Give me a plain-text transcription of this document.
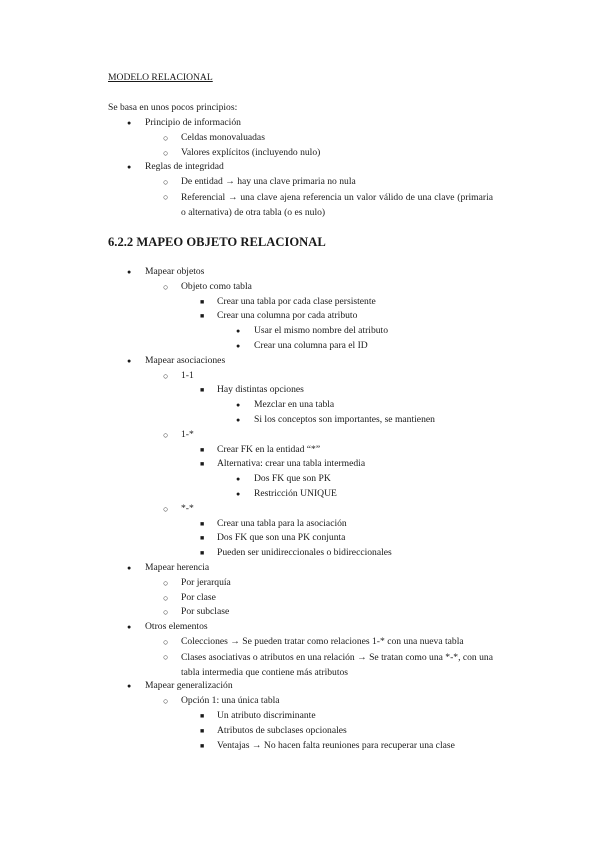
MODELO RELACIONAL
Se basa en unos pocos principios:
● Principio de información
○ Celdas monovaluadas
○ Valores explícitos (incluyendo nulo)
● Reglas de integridad
○ De entidad → hay una clave primaria no nula
○ Referencial → una clave ajena referencia un valor válido de una clave (primaria o alternativa) de otra tabla (o es nulo)
6.2.2 MAPEO OBJETO RELACIONAL
● Mapear objetos
○ Objeto como tabla
■ Crear una tabla por cada clase persistente
■ Crear una columna por cada atributo
● Usar el mismo nombre del atributo
● Crear una columna para el ID
● Mapear asociaciones
○ 1-1
■ Hay distintas opciones
● Mezclar en una tabla
● Si los conceptos son importantes, se mantienen
○ 1-*
■ Crear FK en la entidad “*”
■ Alternativa: crear una tabla intermedia
● Dos FK que son PK
● Restricción UNIQUE
○ *-*
■ Crear una tabla para la asociación
■ Dos FK que son una PK conjunta
■ Pueden ser unidireccionales o bidireccionales
● Mapear herencia
○ Por jerarquía
○ Por clase
○ Por subclase
● Otros elementos
○ Colecciones → Se pueden tratar como relaciones 1-* con una nueva tabla
○ Clases asociativas o atributos en una relación → Se tratan como una *-*, con una tabla intermedia que contiene más atributos
● Mapear generalización
○ Opción 1: una única tabla
■ Un atributo discriminante
■ Atributos de subclases opcionales
■ Ventajas → No hacen falta reuniones para recuperar una clase
